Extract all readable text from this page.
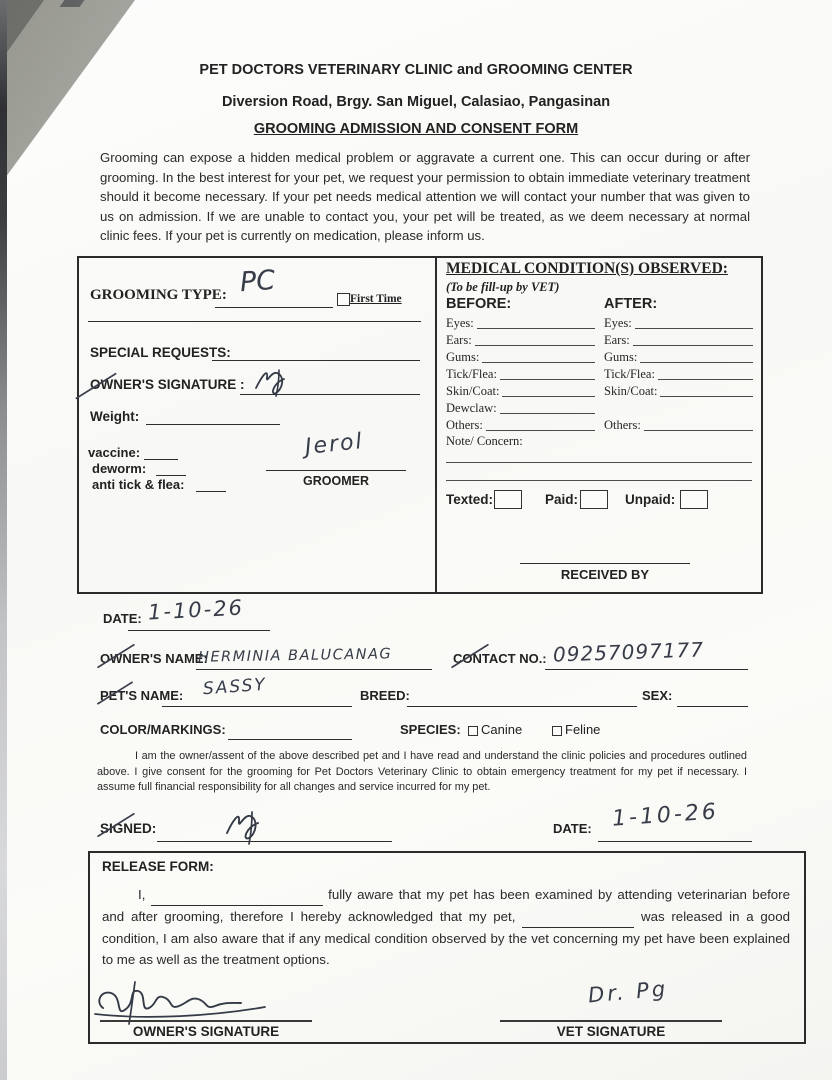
PET DOCTORS VETERINARY CLINIC and GROOMING CENTER
Diversion Road, Brgy. San Miguel, Calasiao, Pangasinan
GROOMING ADMISSION AND CONSENT FORM
Grooming can expose a hidden medical problem or aggravate a current one. This can occur during or after grooming. In the best interest for your pet, we request your permission to obtain immediate veterinary treatment should it become necessary. If your pet needs medical attention we will contact your number that was given to us on admission. If we are unable to contact you, your pet will be treated, as we deem necessary at normal clinic fees. If your pet is currently on medication, please inform us.
GROOMING TYPE: PC
First Time
SPECIAL REQUESTS:
OWNER'S SIGNATURE :
Weight:
vaccine:
deworm:
anti tick & flea:
Jerol
GROOMER
MEDICAL CONDITION(S) OBSERVED:
(To be fill-up by VET)
BEFORE:	AFTER:
Eyes:	Eyes:
Ears:	Ears:
Gums:	Gums:
Tick/Flea:	Tick/Flea:
Skin/Coat:	Skin/Coat:
Dewclaw:
Others:	Others:
Note/ Concern:
Texted:	Paid:	Unpaid:
RECEIVED BY
DATE: 1-10-26
OWNER'S NAME:
HERMINIA BALUCANAG	CONTACT NO.: 09257097177
PET'S NAME: SASSY	BREED:	SEX:
COLOR/MARKINGS:	SPECIES: Canine	Feline
I am the owner/assent of the above described pet and I have read and understand the clinic policies and procedures outlined above. I give consent for the grooming for Pet Doctors Veterinary Clinic to obtain emergency treatment for my pet if necessary. I assume full financial responsibility for all changes and service incurred for my pet.
SIGNED:	DATE: 1-10-26
RELEASE FORM:
I,	fully aware that my pet has been examined by attending veterinarian before and after grooming, therefore I hereby acknowledged that my pet,	was released in a good condition, I am also aware that if any medical condition observed by the vet concerning my pet have been explained to me as well as the treatment options.
OWNER'S SIGNATURE
Dr. Pg
VET SIGNATURE
